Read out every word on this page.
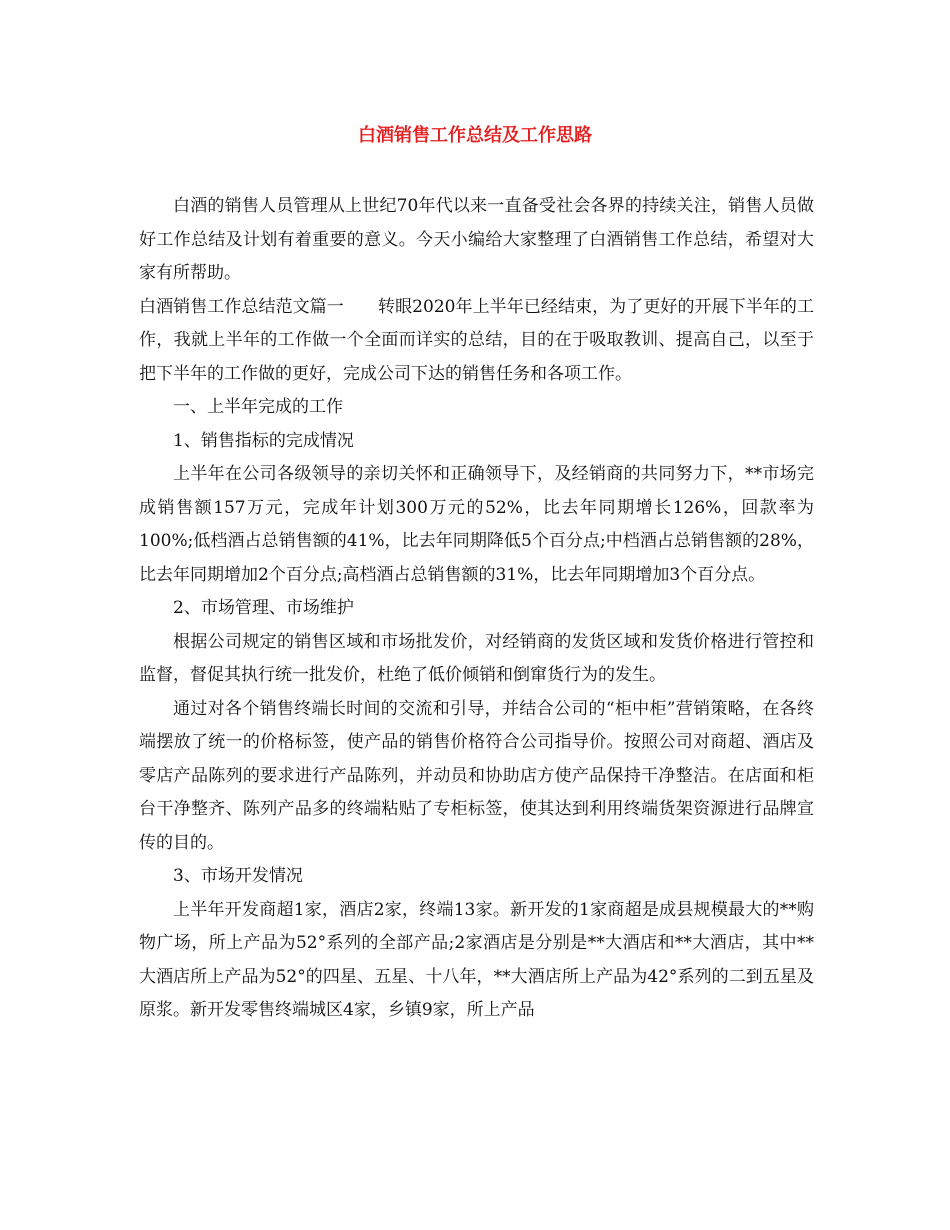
白酒销售工作总结及工作思路

白酒的销售人员管理从上世纪70年代以来一直备受社会各界的持续关注，销售人员做好工作总结及计划有着重要的意义。今天小编给大家整理了白酒销售工作总结，希望对大家有所帮助。

白酒销售工作总结范文篇一　　转眼2020年上半年已经结束，为了更好的开展下半年的工作，我就上半年的工作做一个全面而详实的总结，目的在于吸取教训、提高自己，以至于把下半年的工作做的更好，完成公司下达的销售任务和各项工作。

一、上半年完成的工作

1、销售指标的完成情况

上半年在公司各级领导的亲切关怀和正确领导下，及经销商的共同努力下，**市场完成销售额157万元，完成年计划300万元的52%，比去年同期增长126%，回款率为100%;低档酒占总销售额的41%，比去年同期降低5个百分点;中档酒占总销售额的28%，比去年同期增加2个百分点;高档酒占总销售额的31%，比去年同期增加3个百分点。

2、市场管理、市场维护

根据公司规定的销售区域和市场批发价，对经销商的发货区域和发货价格进行管控和监督，督促其执行统一批发价，杜绝了低价倾销和倒窜货行为的发生。

通过对各个销售终端长时间的交流和引导，并结合公司的“柜中柜”营销策略，在各终端摆放了统一的价格标签，使产品的销售价格符合公司指导价。按照公司对商超、酒店及零店产品陈列的要求进行产品陈列，并动员和协助店方使产品保持干净整洁。在店面和柜台干净整齐、陈列产品多的终端粘贴了专柜标签，使其达到利用终端货架资源进行品牌宣传的目的。

3、市场开发情况

上半年开发商超1家，酒店2家，终端13家。新开发的1家商超是成县规模最大的**购物广场，所上产品为52°系列的全部产品;2家酒店是分别是**大酒店和**大酒店，其中**大酒店所上产品为52°的四星、五星、十八年，**大酒店所上产品为42°系列的二到五星及原浆。新开发零售终端城区4家，乡镇9家，所上产品
